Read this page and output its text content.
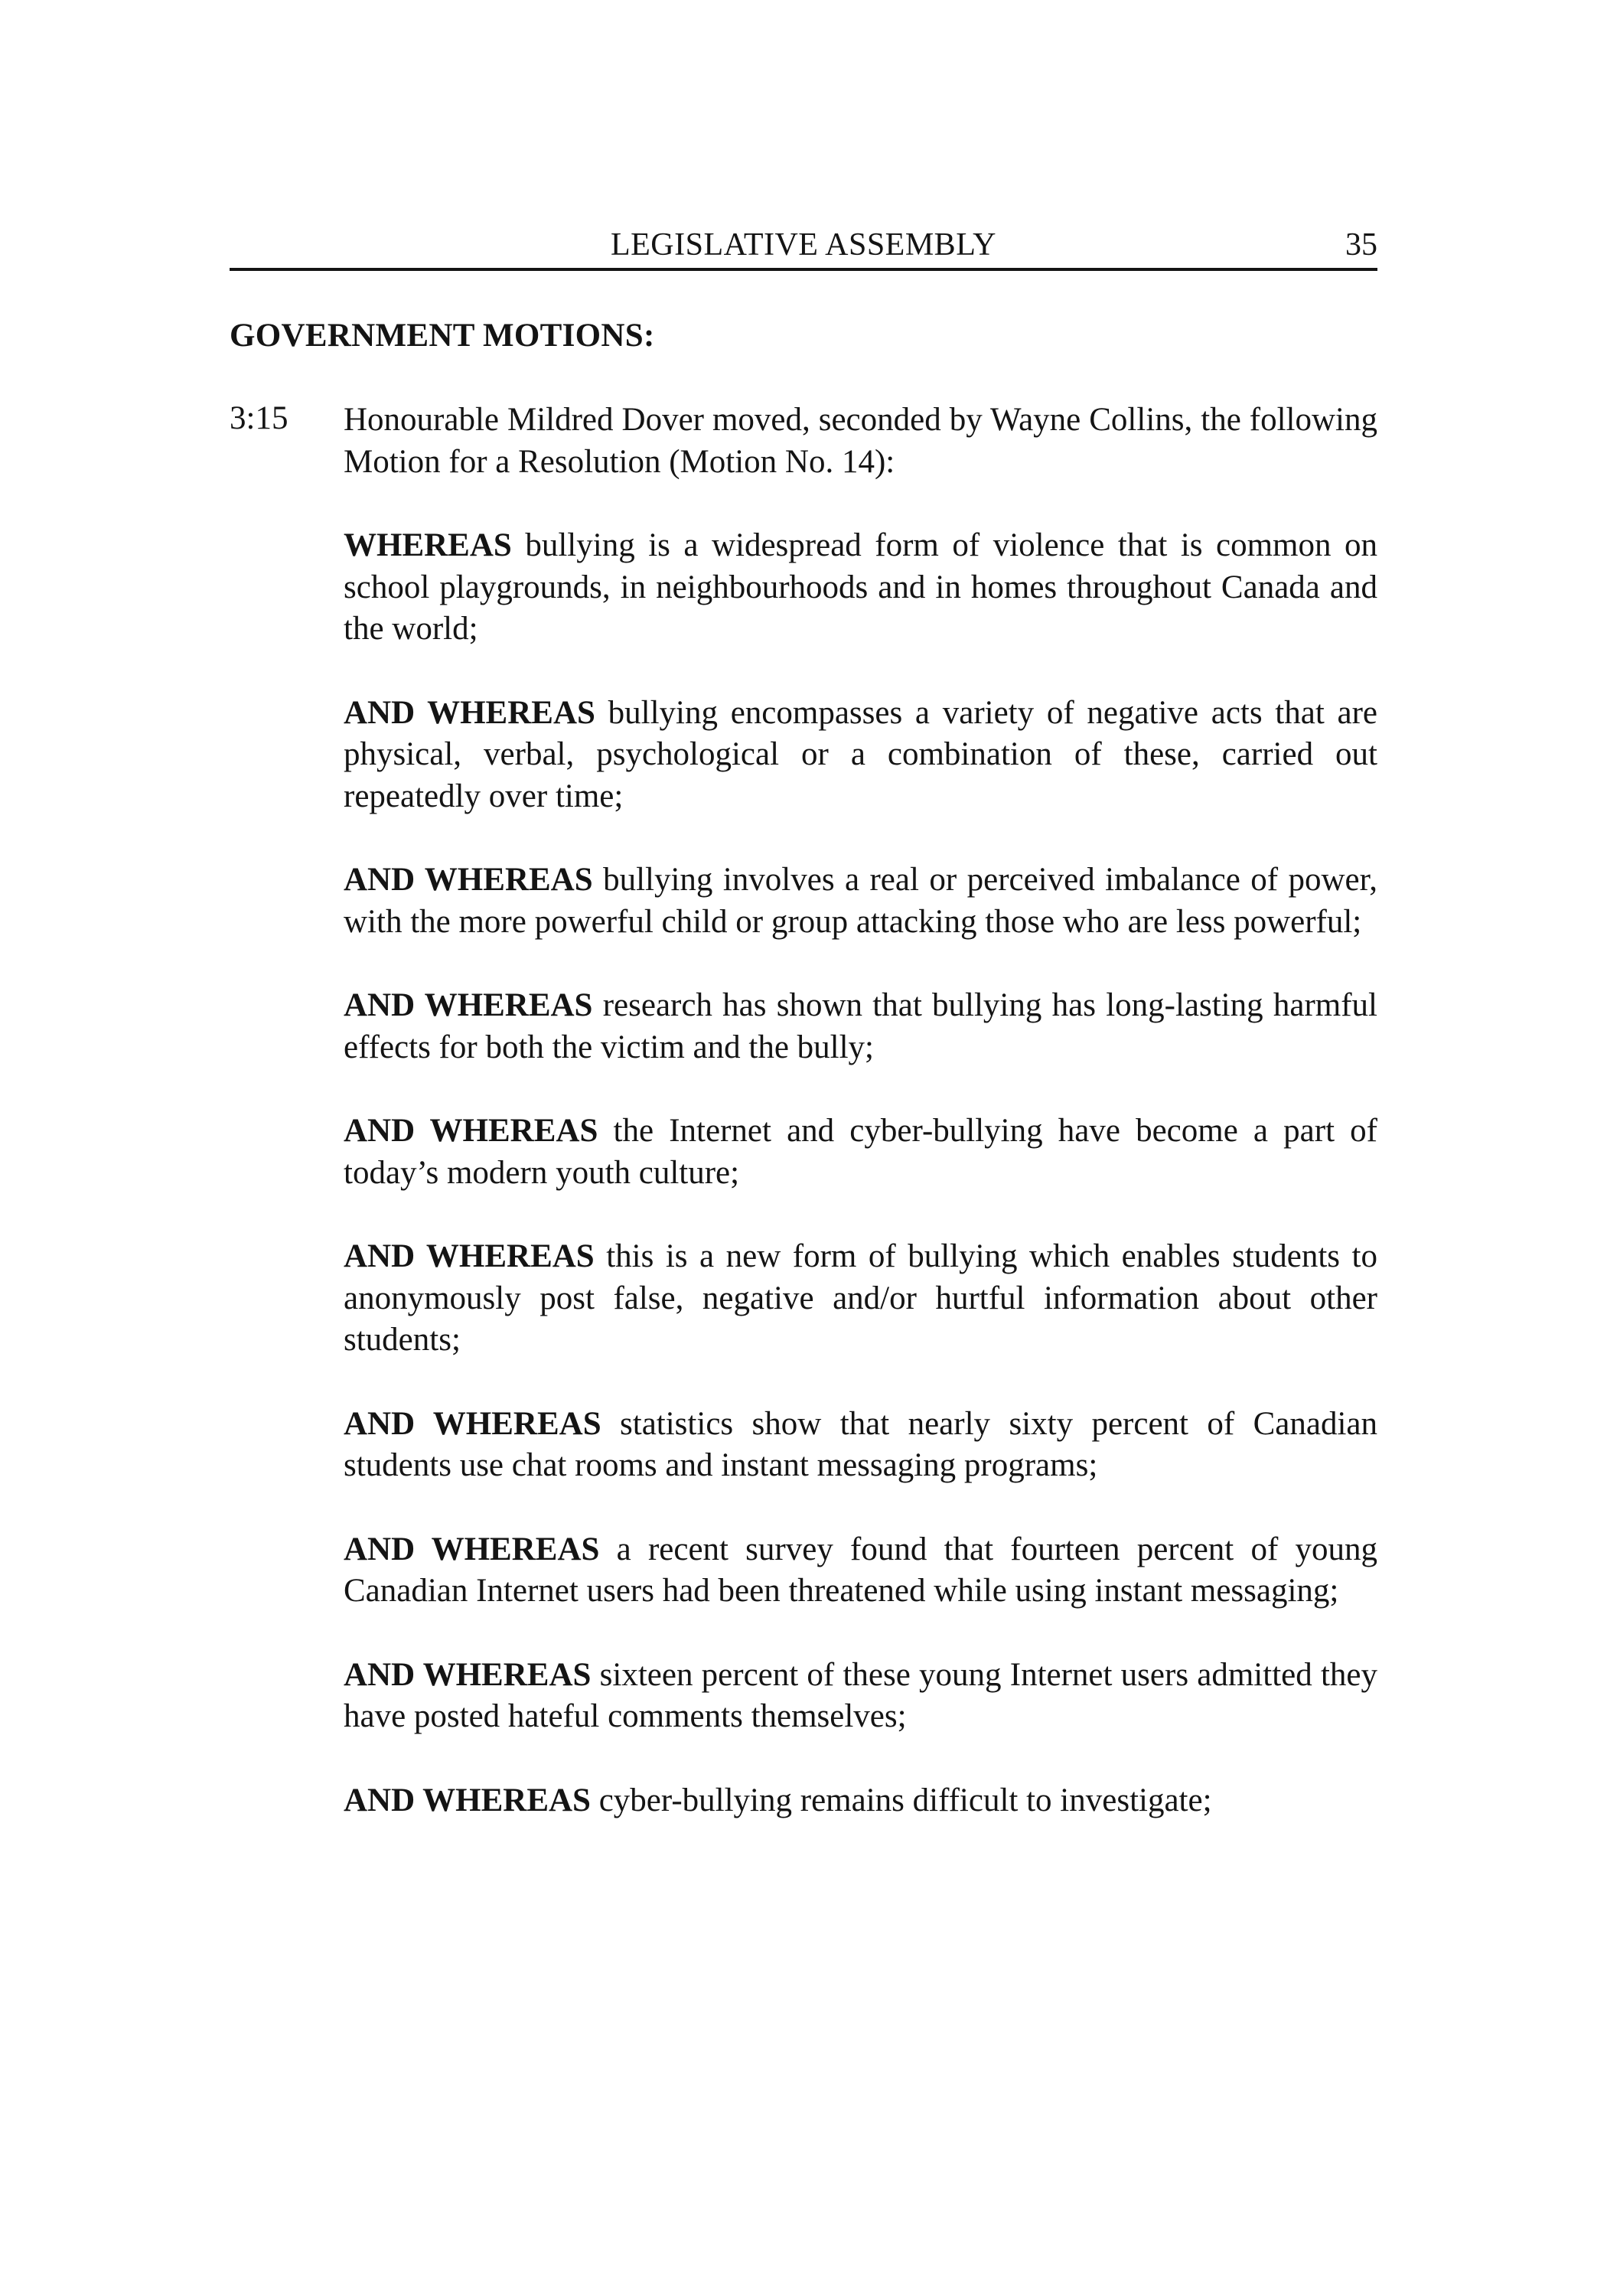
LEGISLATIVE ASSEMBLY	35
GOVERNMENT MOTIONS:
3:15 Honourable Mildred Dover moved, seconded by Wayne Collins, the following Motion for a Resolution (Motion No. 14):

WHEREAS bullying is a widespread form of violence that is common on school playgrounds, in neighbourhoods and in homes throughout Canada and the world;

AND WHEREAS bullying encompasses a variety of negative acts that are physical, verbal, psychological or a combination of these, carried out repeatedly over time;

AND WHEREAS bullying involves a real or perceived imbalance of power, with the more powerful child or group attacking those who are less powerful;

AND WHEREAS research has shown that bullying has long-lasting harmful effects for both the victim and the bully;

AND WHEREAS the Internet and cyber-bullying have become a part of today’s modern youth culture;

AND WHEREAS this is a new form of bullying which enables students to anonymously post false, negative and/or hurtful information about other students;

AND WHEREAS statistics show that nearly sixty percent of Canadian students use chat rooms and instant messaging programs;

AND WHEREAS a recent survey found that fourteen percent of young Canadian Internet users had been threatened while using instant messaging;

AND WHEREAS sixteen percent of these young Internet users admitted they have posted hateful comments themselves;

AND WHEREAS cyber-bullying remains difficult to investigate;
